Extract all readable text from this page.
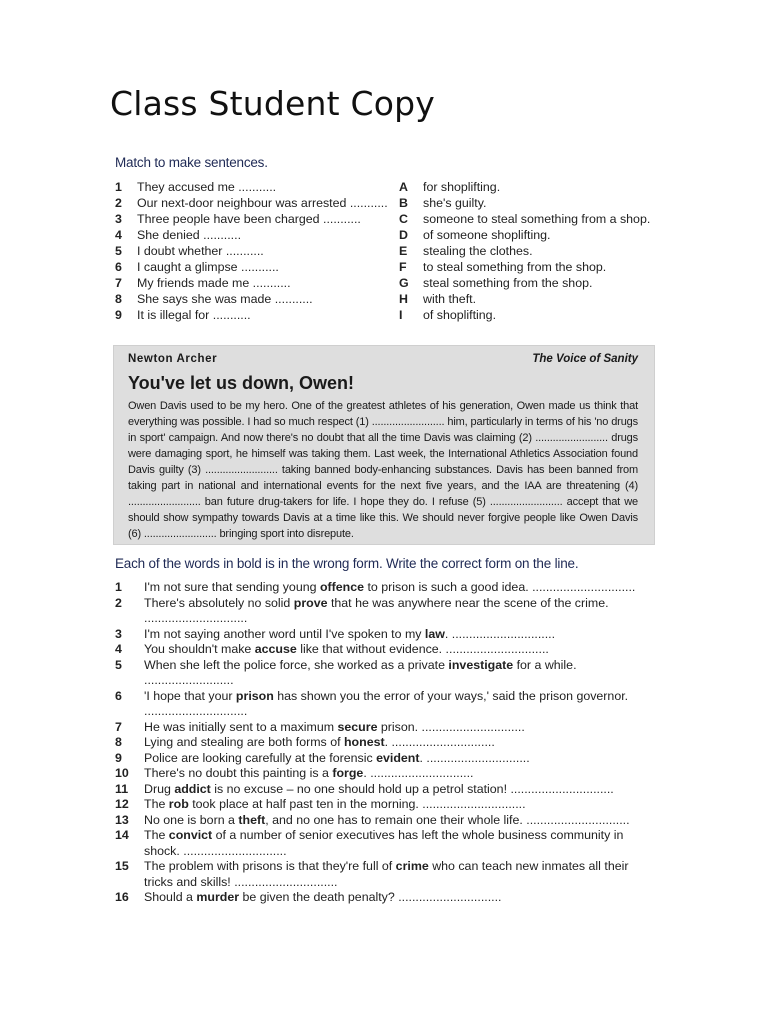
Class Student Copy
Match to make sentences.
1 They accused me ...........	A for shoplifting.
2 Our next-door neighbour was arrested ........... B she's guilty.
3 Three people have been charged ...........	C someone to steal something from a shop.
4 She denied ...........	D of someone shoplifting.
5 I doubt whether ...........	E stealing the clothes.
6 I caught a glimpse ...........	F to steal something from the shop.
7 My friends made me ...........	G steal something from the shop.
8 She says she was made ...........	H with theft.
9 It is illegal for ...........	I of shoplifting.
Newton Archer	The Voice of Sanity
You've let us down, Owen!
Owen Davis used to be my hero. One of the greatest athletes of his generation, Owen made us think that everything was possible. I had so much respect (1) ......................... him, particularly in terms of his 'no drugs in sport' campaign. And now there's no doubt that all the time Davis was claiming (2) ......................... drugs were damaging sport, he himself was taking them. Last week, the International Athletics Association found Davis guilty (3) ......................... taking banned body-enhancing substances. Davis has been banned from taking part in national and international events for the next five years, and the IAA are threatening (4) ......................... ban future drug-takers for life. I hope they do. I refuse (5) ......................... accept that we should show sympathy towards Davis at a time like this. We should never forgive people like Owen Davis (6) ......................... bringing sport into disrepute.
Each of the words in bold is in the wrong form. Write the correct form on the line.
1 I'm not sure that sending young offence to prison is such a good idea. ..............................
2 There's absolutely no solid prove that he was anywhere near the scene of the crime.
..............................
3 I'm not saying another word until I've spoken to my law. ..............................
4 You shouldn't make accuse like that without evidence. ..............................
5 When she left the police force, she worked as a private investigate for a while. ..........................
6 'I hope that your prison has shown you the error of your ways,' said the prison governor.
..............................
7 He was initially sent to a maximum secure prison. ..............................
8 Lying and stealing are both forms of honest. ..............................
9 Police are looking carefully at the forensic evident. ..............................
10 There's no doubt this painting is a forge. ..............................
11 Drug addict is no excuse – no one should hold up a petrol station! ..............................
12 The rob took place at half past ten in the morning. ..............................
13 No one is born a theft, and no one has to remain one their whole life. ..............................
14 The convict of a number of senior executives has left the whole business community in shock. ..............................
15 The problem with prisons is that they're full of crime who can teach new inmates all their tricks and skills! ..............................
16 Should a murder be given the death penalty? ..............................
